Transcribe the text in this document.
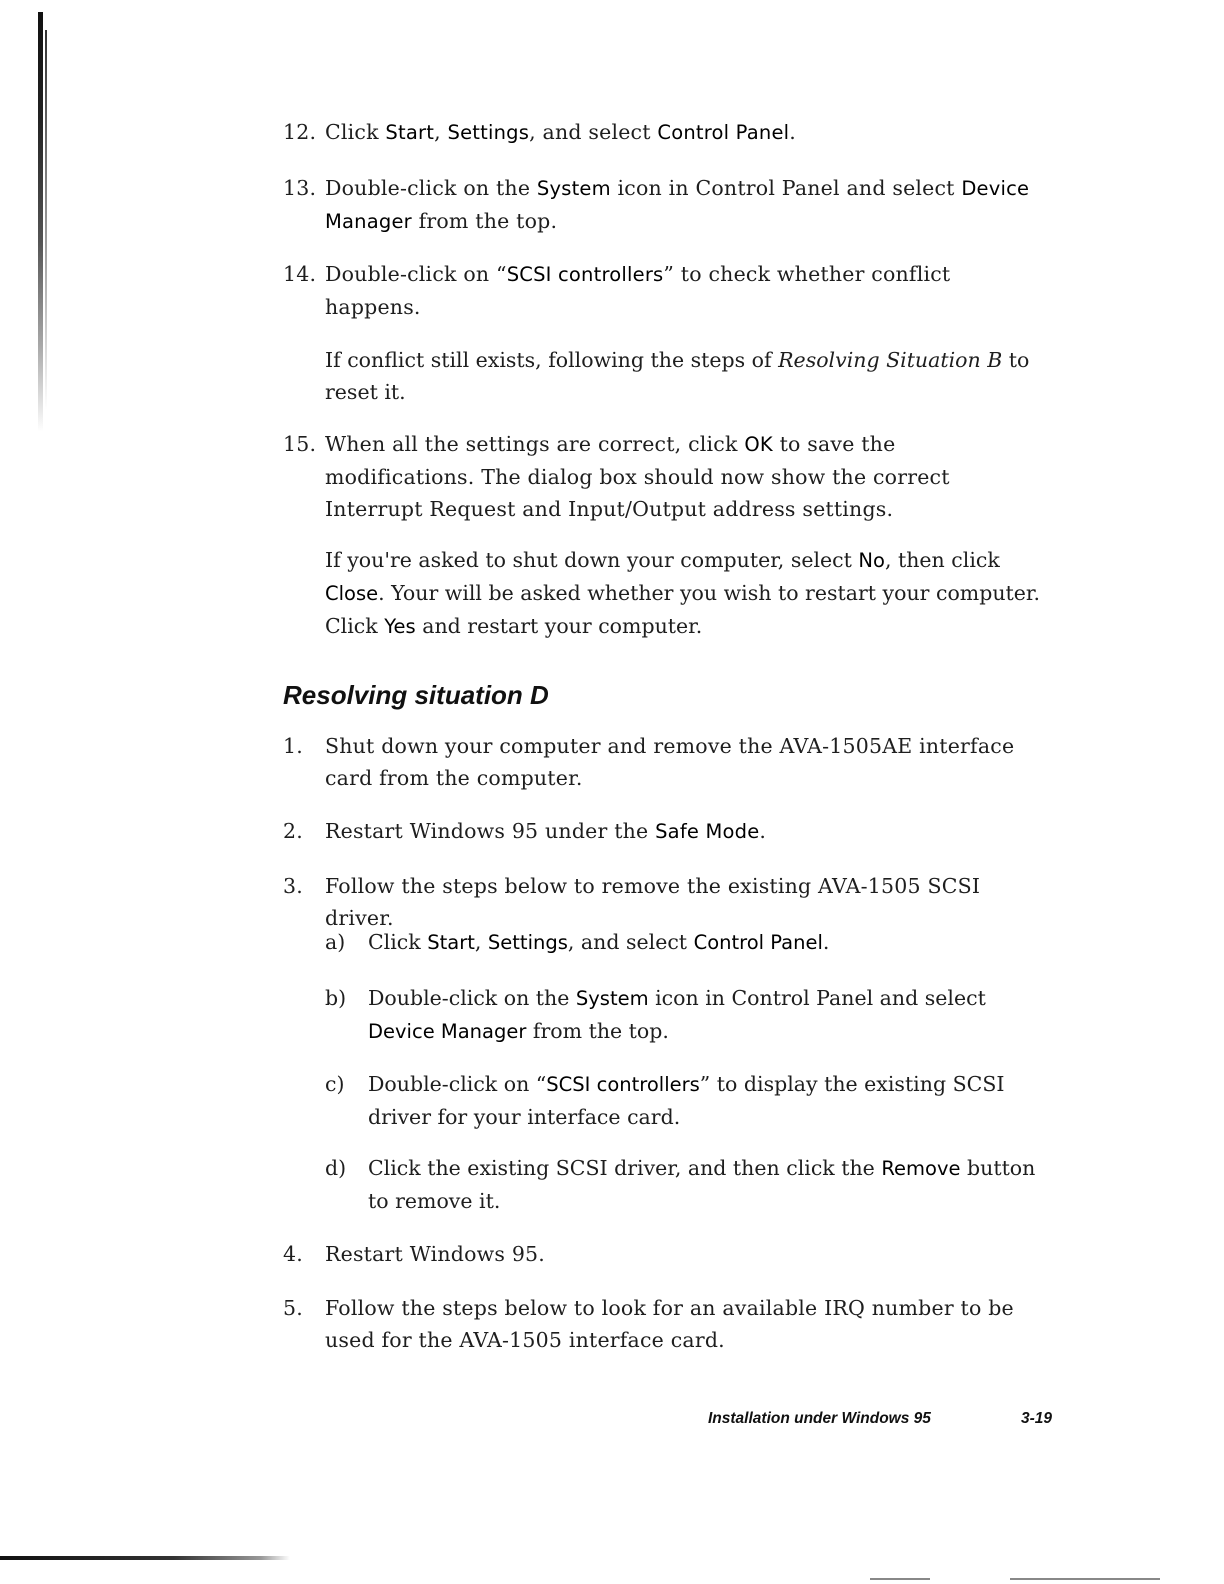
12. Click Start, Settings, and select Control Panel.
13. Double-click on the System icon in Control Panel and select Device Manager from the top.
14. Double-click on “SCSI controllers” to check whether conflict happens.
If conflict still exists, following the steps of Resolving Situation B to reset it.
15. When all the settings are correct, click OK to save the modifications. The dialog box should now show the correct Interrupt Request and Input/Output address settings.
If you're asked to shut down your computer, select No, then click Close. Your will be asked whether you wish to restart your computer. Click Yes and restart your computer.
Resolving situation D
1. Shut down your computer and remove the AVA-1505AE interface card from the computer.
2. Restart Windows 95 under the Safe Mode.
3. Follow the steps below to remove the existing AVA-1505 SCSI driver.
a) Click Start, Settings, and select Control Panel.
b) Double-click on the System icon in Control Panel and select Device Manager from the top.
c) Double-click on “SCSI controllers” to display the existing SCSI driver for your interface card.
d) Click the existing SCSI driver, and then click the Remove button to remove it.
4. Restart Windows 95.
5. Follow the steps below to look for an available IRQ number to be used for the AVA-1505 interface card.
Installation under Windows 95	3-19
